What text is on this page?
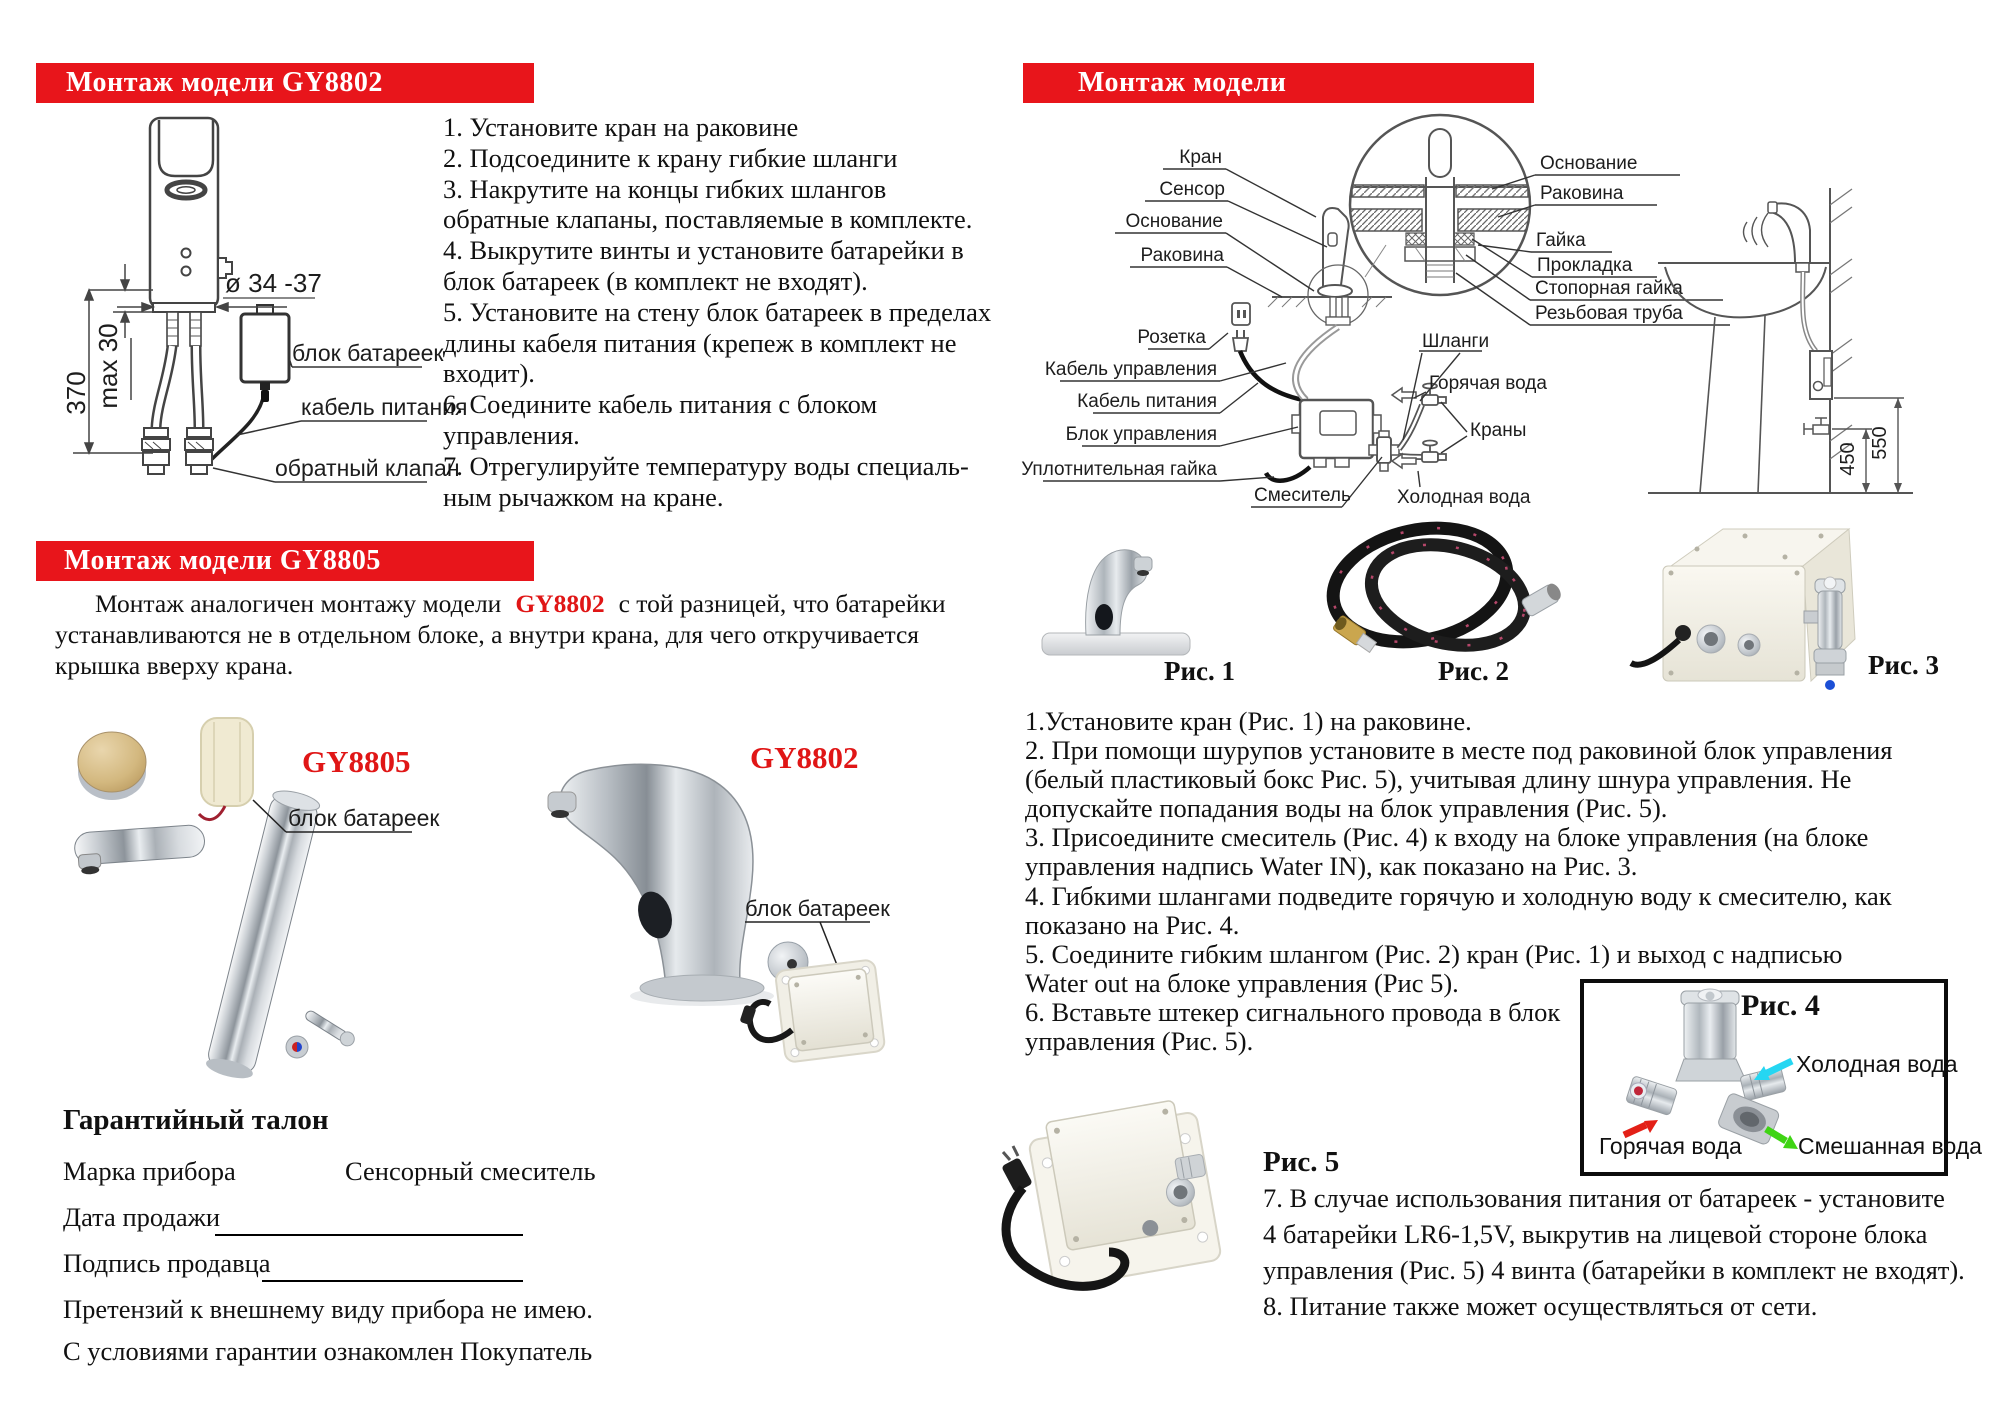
Монтаж модели GY8802
370 max 30
ø 34 -37
блок батареек
кабель питания
обратный клапан
1. Установите кран на раковине
2. Подсоедините к крану гибкие шланги
3. Накрутите на концы гибких шлангов
обратные клапаны, поставляемые в комплекте.
4. Выкрутите винты и установите батарейки в
блок батареек (в комплект не входят).
5. Установите на стену блок батареек в пределах
длины кабеля питания (крепеж в комплект не
входит).
6. Соедините кабель питания с блоком
управления.
7. Отрегулируйте температуру воды специаль-
ным рычажком на кране.
Монтаж модели GY8805
Монтаж аналогичен монтажу модели GY8802 с той разницей, что батарейки
устанавливаются не в отдельном блоке, а внутри крана, для чего откручивается
крышка вверху крана.
GY8805
блок батареек
GY8802
блок батареек
Гарантийный талон
Марка прибора	Сенсорный смеситель
Дата продажи
Подпись продавца
Претензий к внешнему виду прибора не имею.
С условиями гарантии ознакомлен Покупатель
Монтаж модели
Кран
Сенсор
Основание
Раковина
Розетка
Кабель управления
Кабель питания
Блок управления
Уплотнительная гайка
Смеситель
Шланги
Горячая вода
Краны
Холодная вода
Основание
Раковина
Гайка
Прокладка
Стопорная гайка
Резьбовая труба
550
450
Рис. 1	Рис. 2	Рис. 3
1.Установите кран (Рис. 1) на раковине.
2. При помощи шурупов установите в месте под раковиной блок управления
(белый пластиковый бокс Рис. 5), учитывая длину шнура управления. Не
допускайте попадания воды на блок управления (Рис. 5).
3. Присоедините смеситель (Рис. 4) к входу на блоке управления (на блоке
управления надпись Water IN), как показано на Рис. 3.
4. Гибкими шлангами подведите горячую и холодную воду к смесителю, как
показано на Рис. 4.
5. Соедините гибким шлангом (Рис. 2) кран (Рис. 1) и выход с надписью
Water out на блоке управления (Рис 5).
6. Вставьте штекер сигнального провода в блок
управления (Рис. 5).
Рис. 4
Холодная вода
Горячая вода Смешанная вода
Рис. 5
7. В случае использования питания от батареек - установите
4 батарейки LR6-1,5V, выкрутив на лицевой стороне блока
управления (Рис. 5) 4 винта (батарейки в комплект не входят).
8. Питание также может осуществляться от сети.
